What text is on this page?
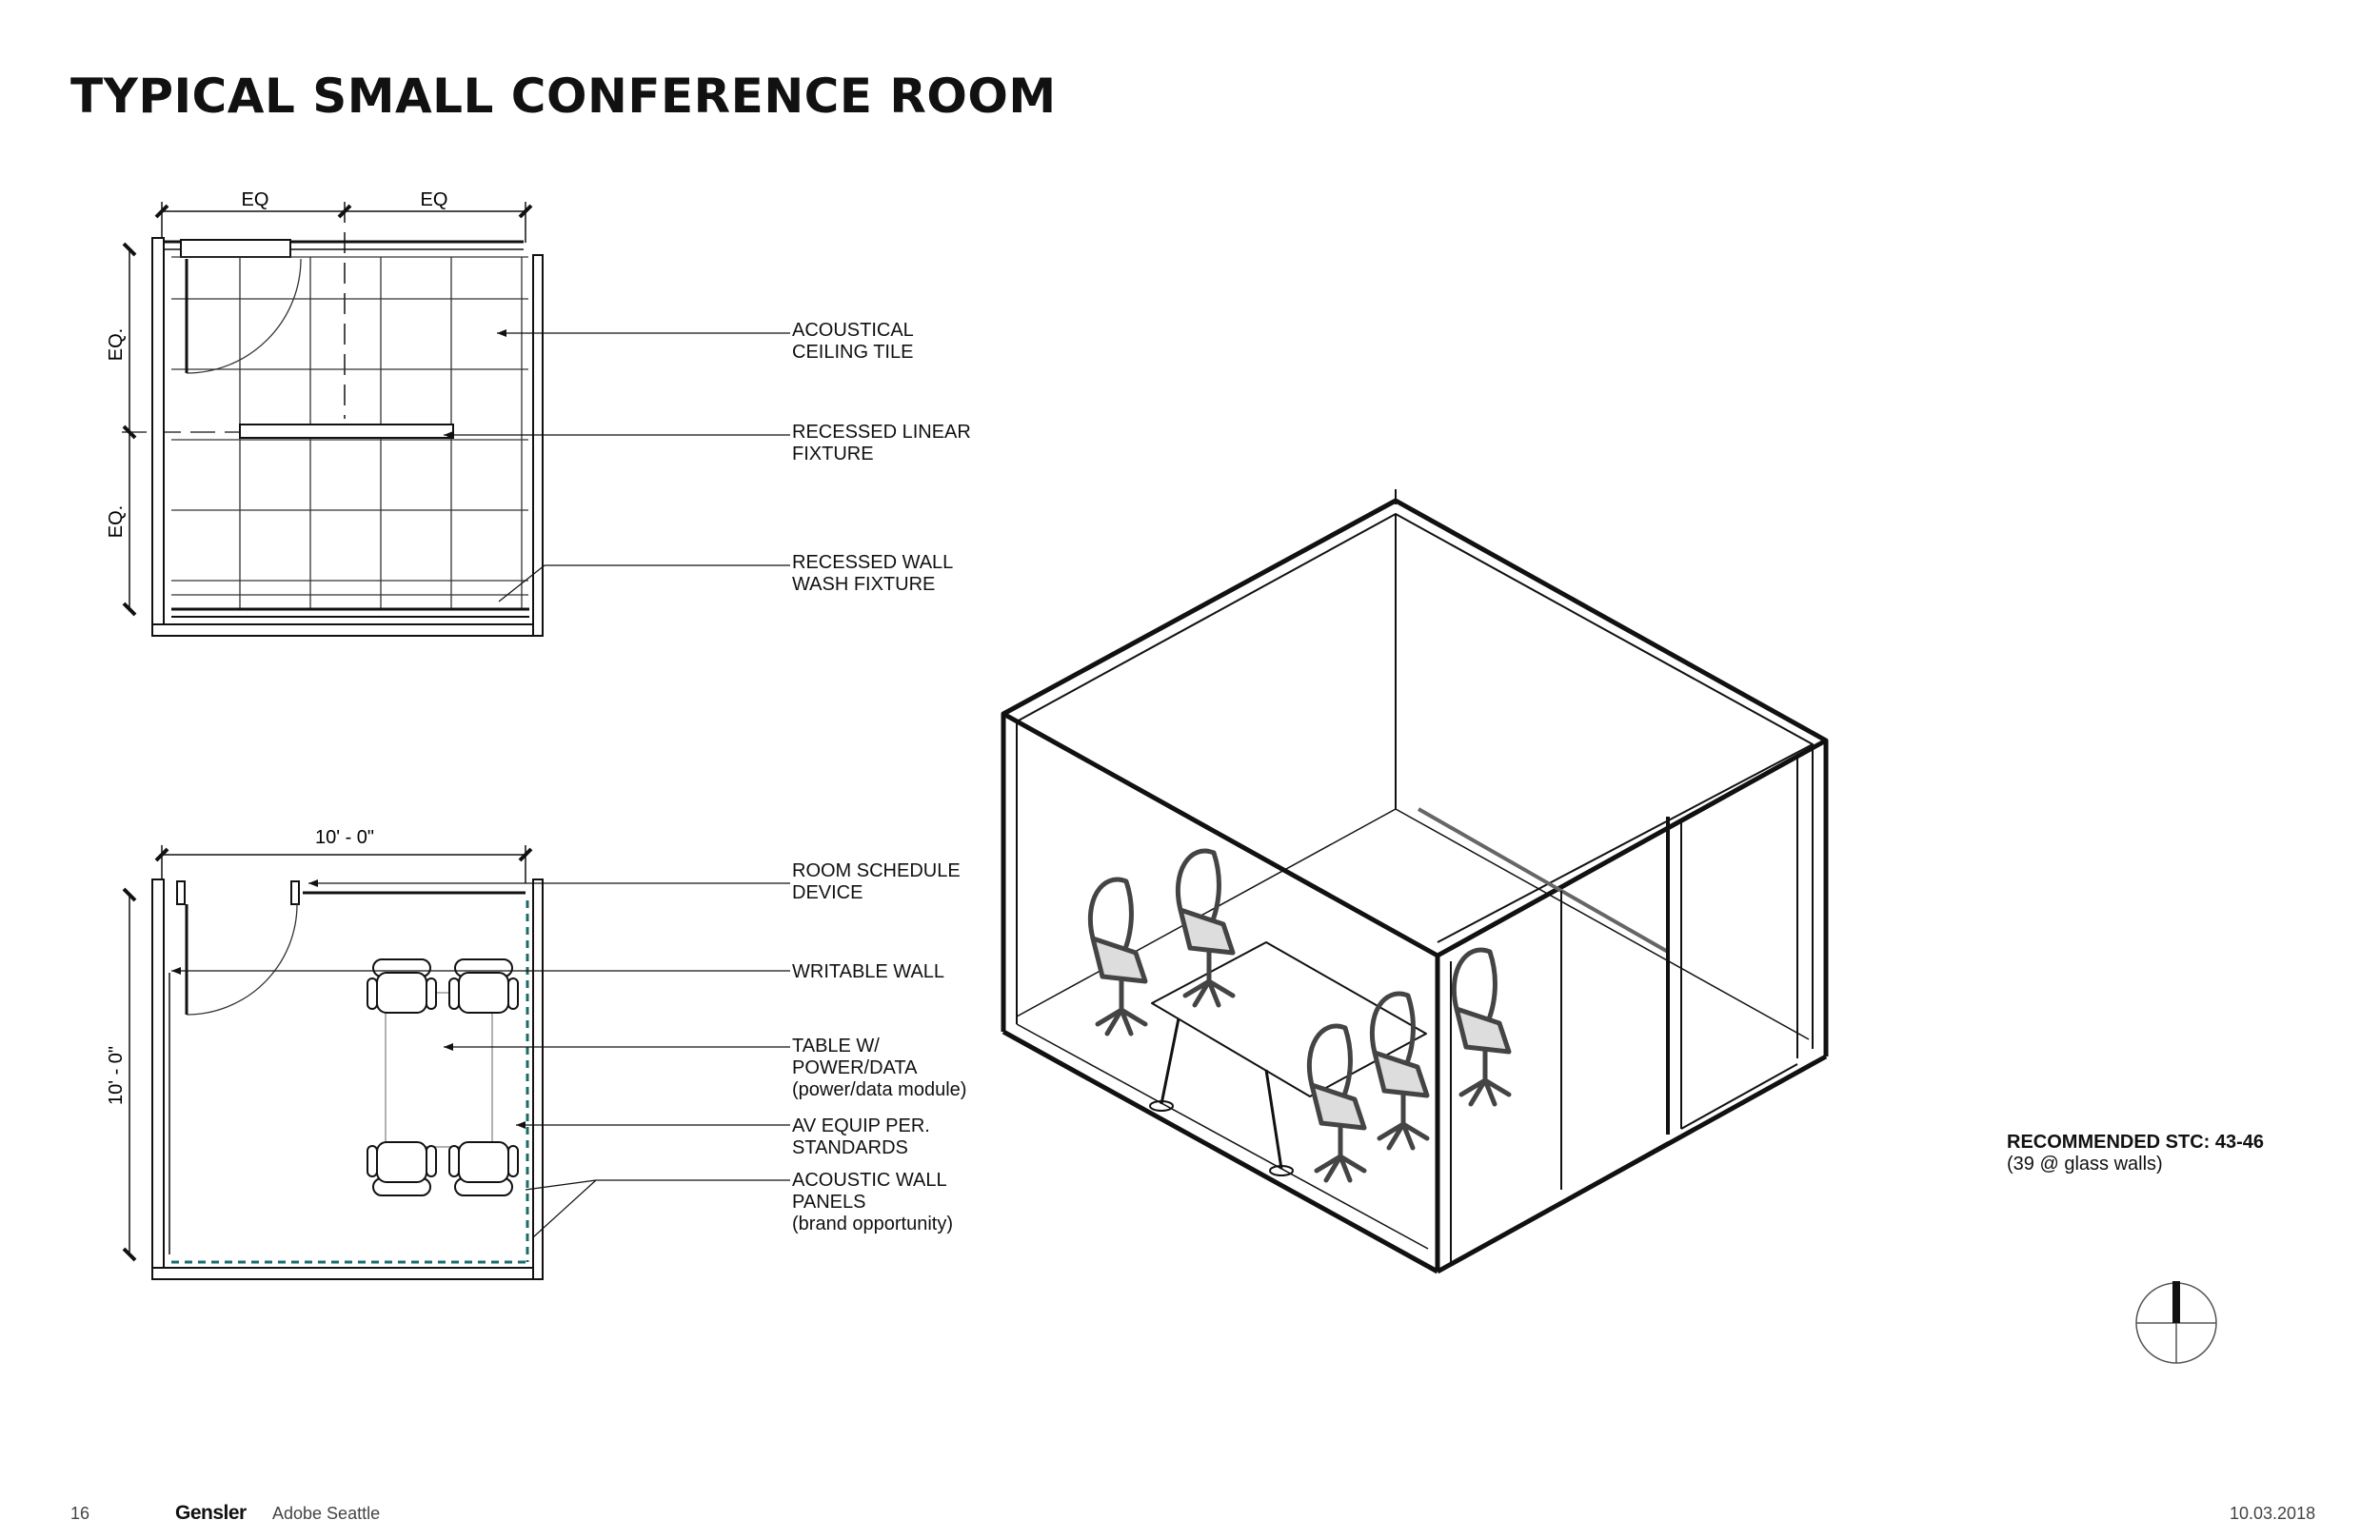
TYPICAL SMALL CONFERENCE ROOM
EQ	EQ
EQ.
EQ.
10' - 0"
10' - 0"
ACOUSTICAL
CEILING TILE
RECESSED LINEAR
FIXTURE
RECESSED WALL
WASH FIXTURE
ROOM SCHEDULE
DEVICE
WRITABLE WALL
TABLE W/
POWER/DATA
(power/data module)
AV EQUIP PER.
STANDARDS
ACOUSTIC WALL
PANELS
(brand opportunity)
RECOMMENDED STC: 43-46
(39 @ glass walls)
16	Gensler Adobe Seattle	10.03.2018
